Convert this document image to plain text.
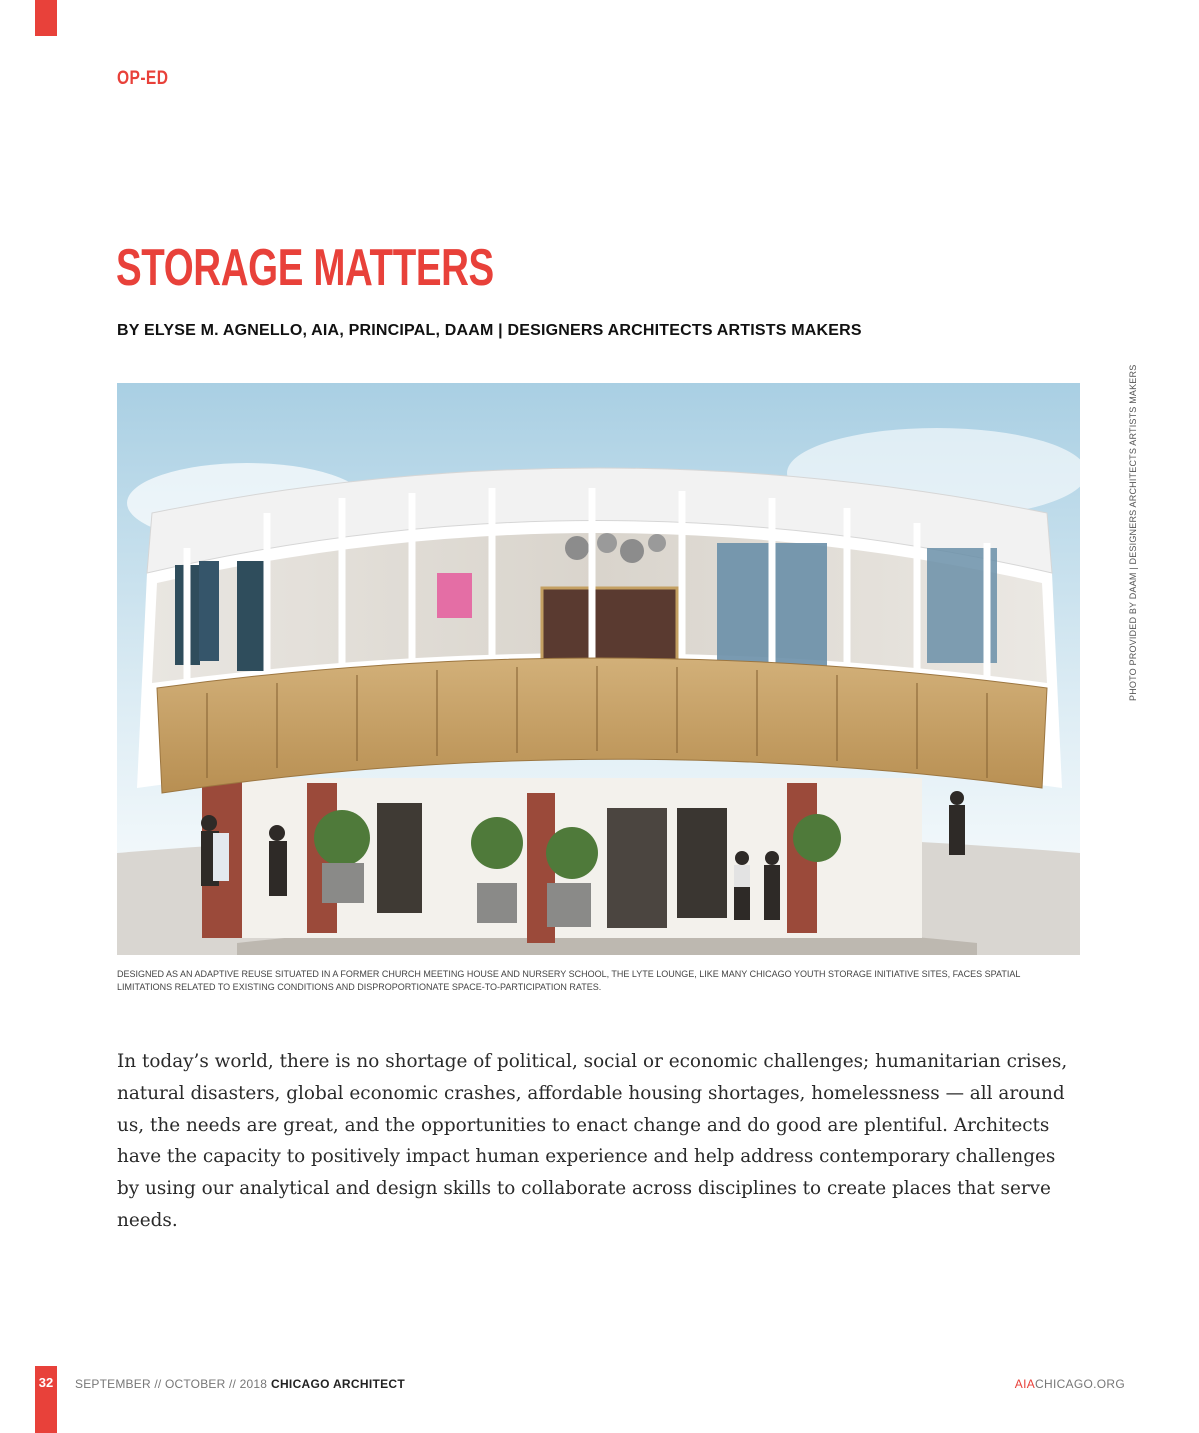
OP-ED
STORAGE MATTERS
BY ELYSE M. AGNELLO, AIA, PRINCIPAL, DAAM | DESIGNERS ARCHITECTS ARTISTS MAKERS
PHOTO PROVIDED BY DAAM | DESIGNERS ARCHITECTS ARTISTS MAKERS
DESIGNED AS AN ADAPTIVE REUSE SITUATED IN A FORMER CHURCH MEETING HOUSE AND NURSERY SCHOOL, THE LYTE LOUNGE, LIKE MANY CHICAGO YOUTH STORAGE INITIATIVE SITES, FACES SPATIAL LIMITATIONS RELATED TO EXISTING CONDITIONS AND DISPROPORTIONATE SPACE-TO-PARTICIPATION RATES.

In today’s world, there is no shortage of political, social or economic challenges; humanitarian crises, natural disasters, global economic crashes, affordable housing shortages, homelessness — all around us, the needs are great, and the opportunities to enact change and do good are plentiful. Architects have the capacity to positively impact human experience and help address contemporary challenges by using our analytical and design skills to collaborate across disciplines to create places that serve needs.

32 SEPTEMBER // OCTOBER // 2018 CHICAGO ARCHITECT	AIACHICAGO.ORG
